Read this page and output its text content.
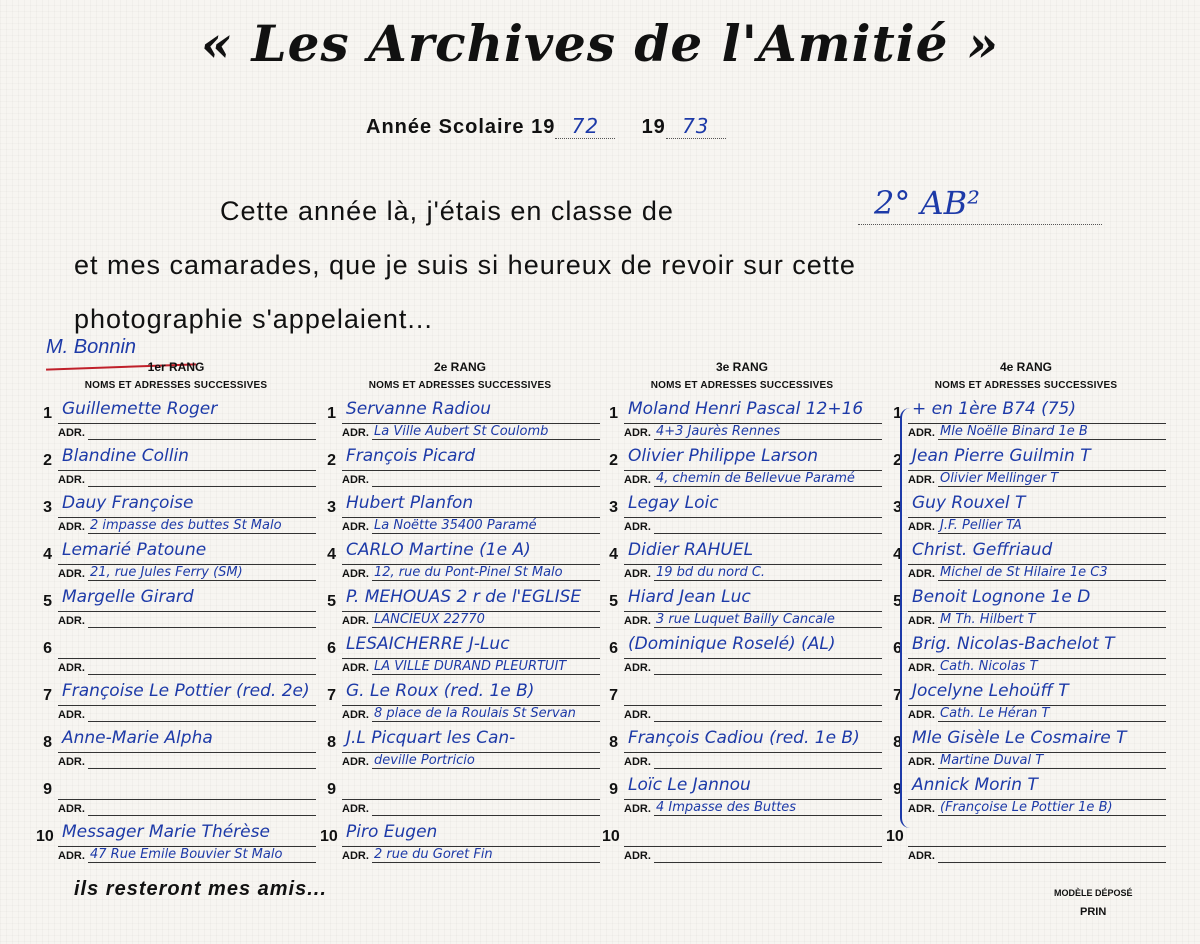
« Les Archives de l'Amitié »
Année Scolaire 19 72 19 73
Cette année là, j'étais en classe de	2° AB²
et mes camarades, que je suis si heureux de revoir sur cette
photographie s'appelaient...
M. Bonnin
1er RANG
NOMS ET ADRESSES SUCCESSIVES
1 Guillemette Roger
ADR.
2 Blandine Collin
ADR.
3 Dauy Françoise
ADR. 2 impasse des buttes St Malo
4 Lemarié Patoune
ADR. 21, rue Jules Ferry (SM)
5 Margelle Girard
ADR.
6
ADR.
7 Françoise Le Pottier (red. 2e)
ADR.
8 Anne-Marie Alpha
ADR.
9
ADR.
10 Messager Marie Thérèse
ADR. 47 Rue Emile Bouvier St Malo
2e RANG
NOMS ET ADRESSES SUCCESSIVES
1 Servanne Radiou
ADR. La Ville Aubert St Coulomb
2 François Picard
ADR.
3 Hubert Planfon
ADR. La Noëtte 35400 Paramé
4 CARLO Martine (1e A)
ADR. 12, rue du Pont-Pinel St Malo
5 P. MEHOUAS 2 r de l'EGLISE
ADR. LANCIEUX 22770
6 LESAICHERRE J-Luc
ADR. LA VILLE DURAND PLEURTUIT
7 G. Le Roux (red. 1e B)
ADR. 8 place de la Roulais St Servan
8 J.L Picquart les Can-
ADR. deville Portricio
9
ADR.
10 Piro Eugen
ADR. 2 rue du Goret Fin
3e RANG
NOMS ET ADRESSES SUCCESSIVES
1 Moland Henri Pascal 12+16
ADR. 4+3 Jaurès Rennes
2 Olivier Philippe Larson
ADR. 4, chemin de Bellevue Paramé
3 Legay Loic
ADR.
4 Didier RAHUEL
ADR. 19 bd du nord C.
5 Hiard Jean Luc
ADR. 3 rue Luquet Bailly Cancale
6 (Dominique Roselé) (AL)
ADR.
7
ADR.
8 François Cadiou (red. 1e B)
ADR.
9 Loïc Le Jannou
ADR. 4 Impasse des Buttes
10
ADR.
4e RANG
NOMS ET ADRESSES SUCCESSIVES
1 + en 1ère B74 (75)
ADR. Mle Noëlle Binard 1e B
2 Jean Pierre Guilmin T
ADR. Olivier Mellinger T
3 Guy Rouxel T
ADR. J.F. Pellier TA
4 Christ. Geffriaud
ADR. Michel de St Hilaire 1e C3
5 Benoit Lognone 1e D
ADR. M Th. Hilbert T
6 Brig. Nicolas-Bachelot T
ADR. Cath. Nicolas T
7 Jocelyne Lehoüff T
ADR. Cath. Le Héran T
8 Mle Gisèle Le Cosmaire T
ADR. Martine Duval T
9 Annick Morin T
ADR. (Françoise Le Pottier 1e B)
10
ADR.
ils resteront mes amis...	MODÈLE DÉPOSÉ
PRIN
